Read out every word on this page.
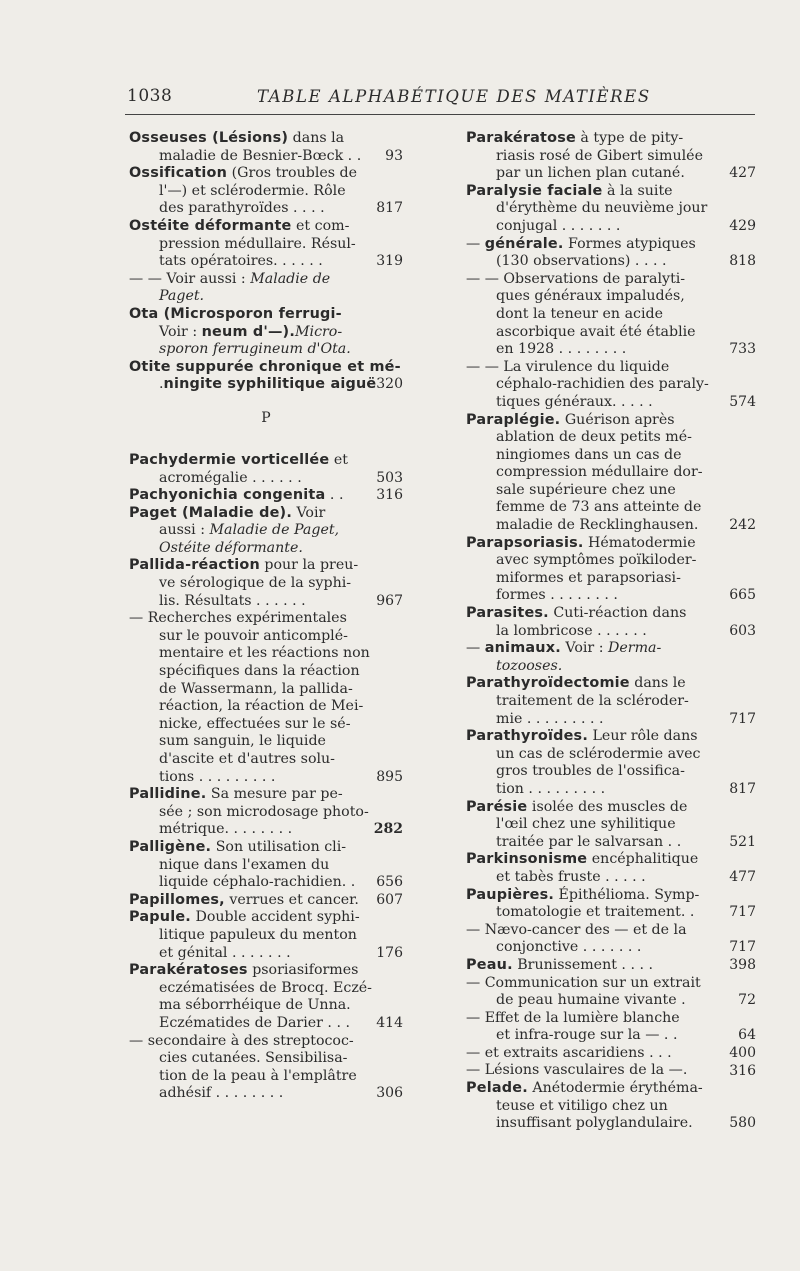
1038	TABLE ALPHABÉTIQUE DES MATIÈRES
Osseuses (Lésions) dans la
93
maladie de Besnier-Bœck . .
Ossification (Gros troubles de
l'—) et sclérodermie. Rôle
817
des parathyroïdes . . . .
Ostéite déformante et com-
pression médullaire. Résul-
319
tats opératoires. . . . . .
— — Voir aussi : Maladie de
Paget.
Ota (Microsporon ferrugi-
Voir : neum d'—).Micro-
sporon ferrugineum d'Ota.
Otite suppurée chronique et mé-
320
.ningite syphilitique aiguë
P
Pachydermie vorticellée et
503
acromégalie . . . . . .
316
Pachyonichia congenita . .
Paget (Maladie de). Voir
aussi : Maladie de Paget,
Ostéite déformante.
Pallida-réaction pour la preu-
ve sérologique de la syphi-
967
lis. Résultats . . . . . .
— Recherches expérimentales
sur le pouvoir anticomplé-
mentaire et les réactions non
spécifiques dans la réaction
de Wassermann, la pallida-
réaction, la réaction de Mei-
nicke, effectuées sur le sé-
sum sanguin, le liquide
d'ascite et d'autres solu-
895
tions . . . . . . . . .
Pallidine. Sa mesure par pe-
sée ; son microdosage photo-
282
métrique. . . . . . . .
Palligène. Son utilisation cli-
nique dans l'examen du
656
liquide céphalo-rachidien. .
607
Papillomes, verrues et cancer.
Papule. Double accident syphi-
litique papuleux du menton
176
et génital . . . . . . .
Parakératoses psoriasiformes
eczématisées de Brocq. Eczé-
ma séborrhéique de Unna.
414
Eczématides de Darier . . .
— secondaire à des streptococ-
cies cutanées. Sensibilisa-
tion de la peau à l'emplâtre
306
adhésif . . . . . . . .
Parakératose à type de pity-
riasis rosé de Gibert simulée
427
par un lichen plan cutané.
Paralysie faciale à la suite
d'érythème du neuvième jour
429
conjugal . . . . . . .
— générale. Formes atypiques
818
(130 observations) . . . .
— — Observations de paralyti-
ques généraux impaludés,
dont la teneur en acide
ascorbique avait été établie
733
en 1928 . . . . . . . .
— — La virulence du liquide
céphalo-rachidien des paraly-
574
tiques généraux. . . . .
Paraplégie. Guérison après
ablation de deux petits mé-
ningiomes dans un cas de
compression médullaire dor-
sale supérieure chez une
femme de 73 ans atteinte de
242
maladie de Recklinghausen.
Parapsoriasis. Hématodermie
avec symptômes poïkiloder-
miformes et parapsoriasi-
665
formes . . . . . . . .
Parasites. Cuti-réaction dans
603
la lombricose . . . . . .
— animaux. Voir : Derma-
tozooses.
Parathyroïdectomie dans le
traitement de la scléroder-
717
mie . . . . . . . . .
Parathyroïdes. Leur rôle dans
un cas de sclérodermie avec
gros troubles de l'ossifica-
817
tion . . . . . . . . .
Parésie isolée des muscles de
l'œil chez une syhilitique
521
traitée par le salvarsan . .
Parkinsonisme encéphalitique
477
et tabès fruste . . . . .
Paupières. Épithélioma. Symp-
717
tomatologie et traitement. .
— Nævo-cancer des — et de la
717
conjonctive . . . . . . .
398
Peau. Brunissement . . . .
— Communication sur un extrait
72
de peau humaine vivante .
— Effet de la lumière blanche
64
et infra-rouge sur la — . .
400
— et extraits ascaridiens . . .
316
— Lésions vasculaires de la —.
Pelade. Anétodermie érythéma-
teuse et vitiligo chez un
580
insuffisant polyglandulaire.
